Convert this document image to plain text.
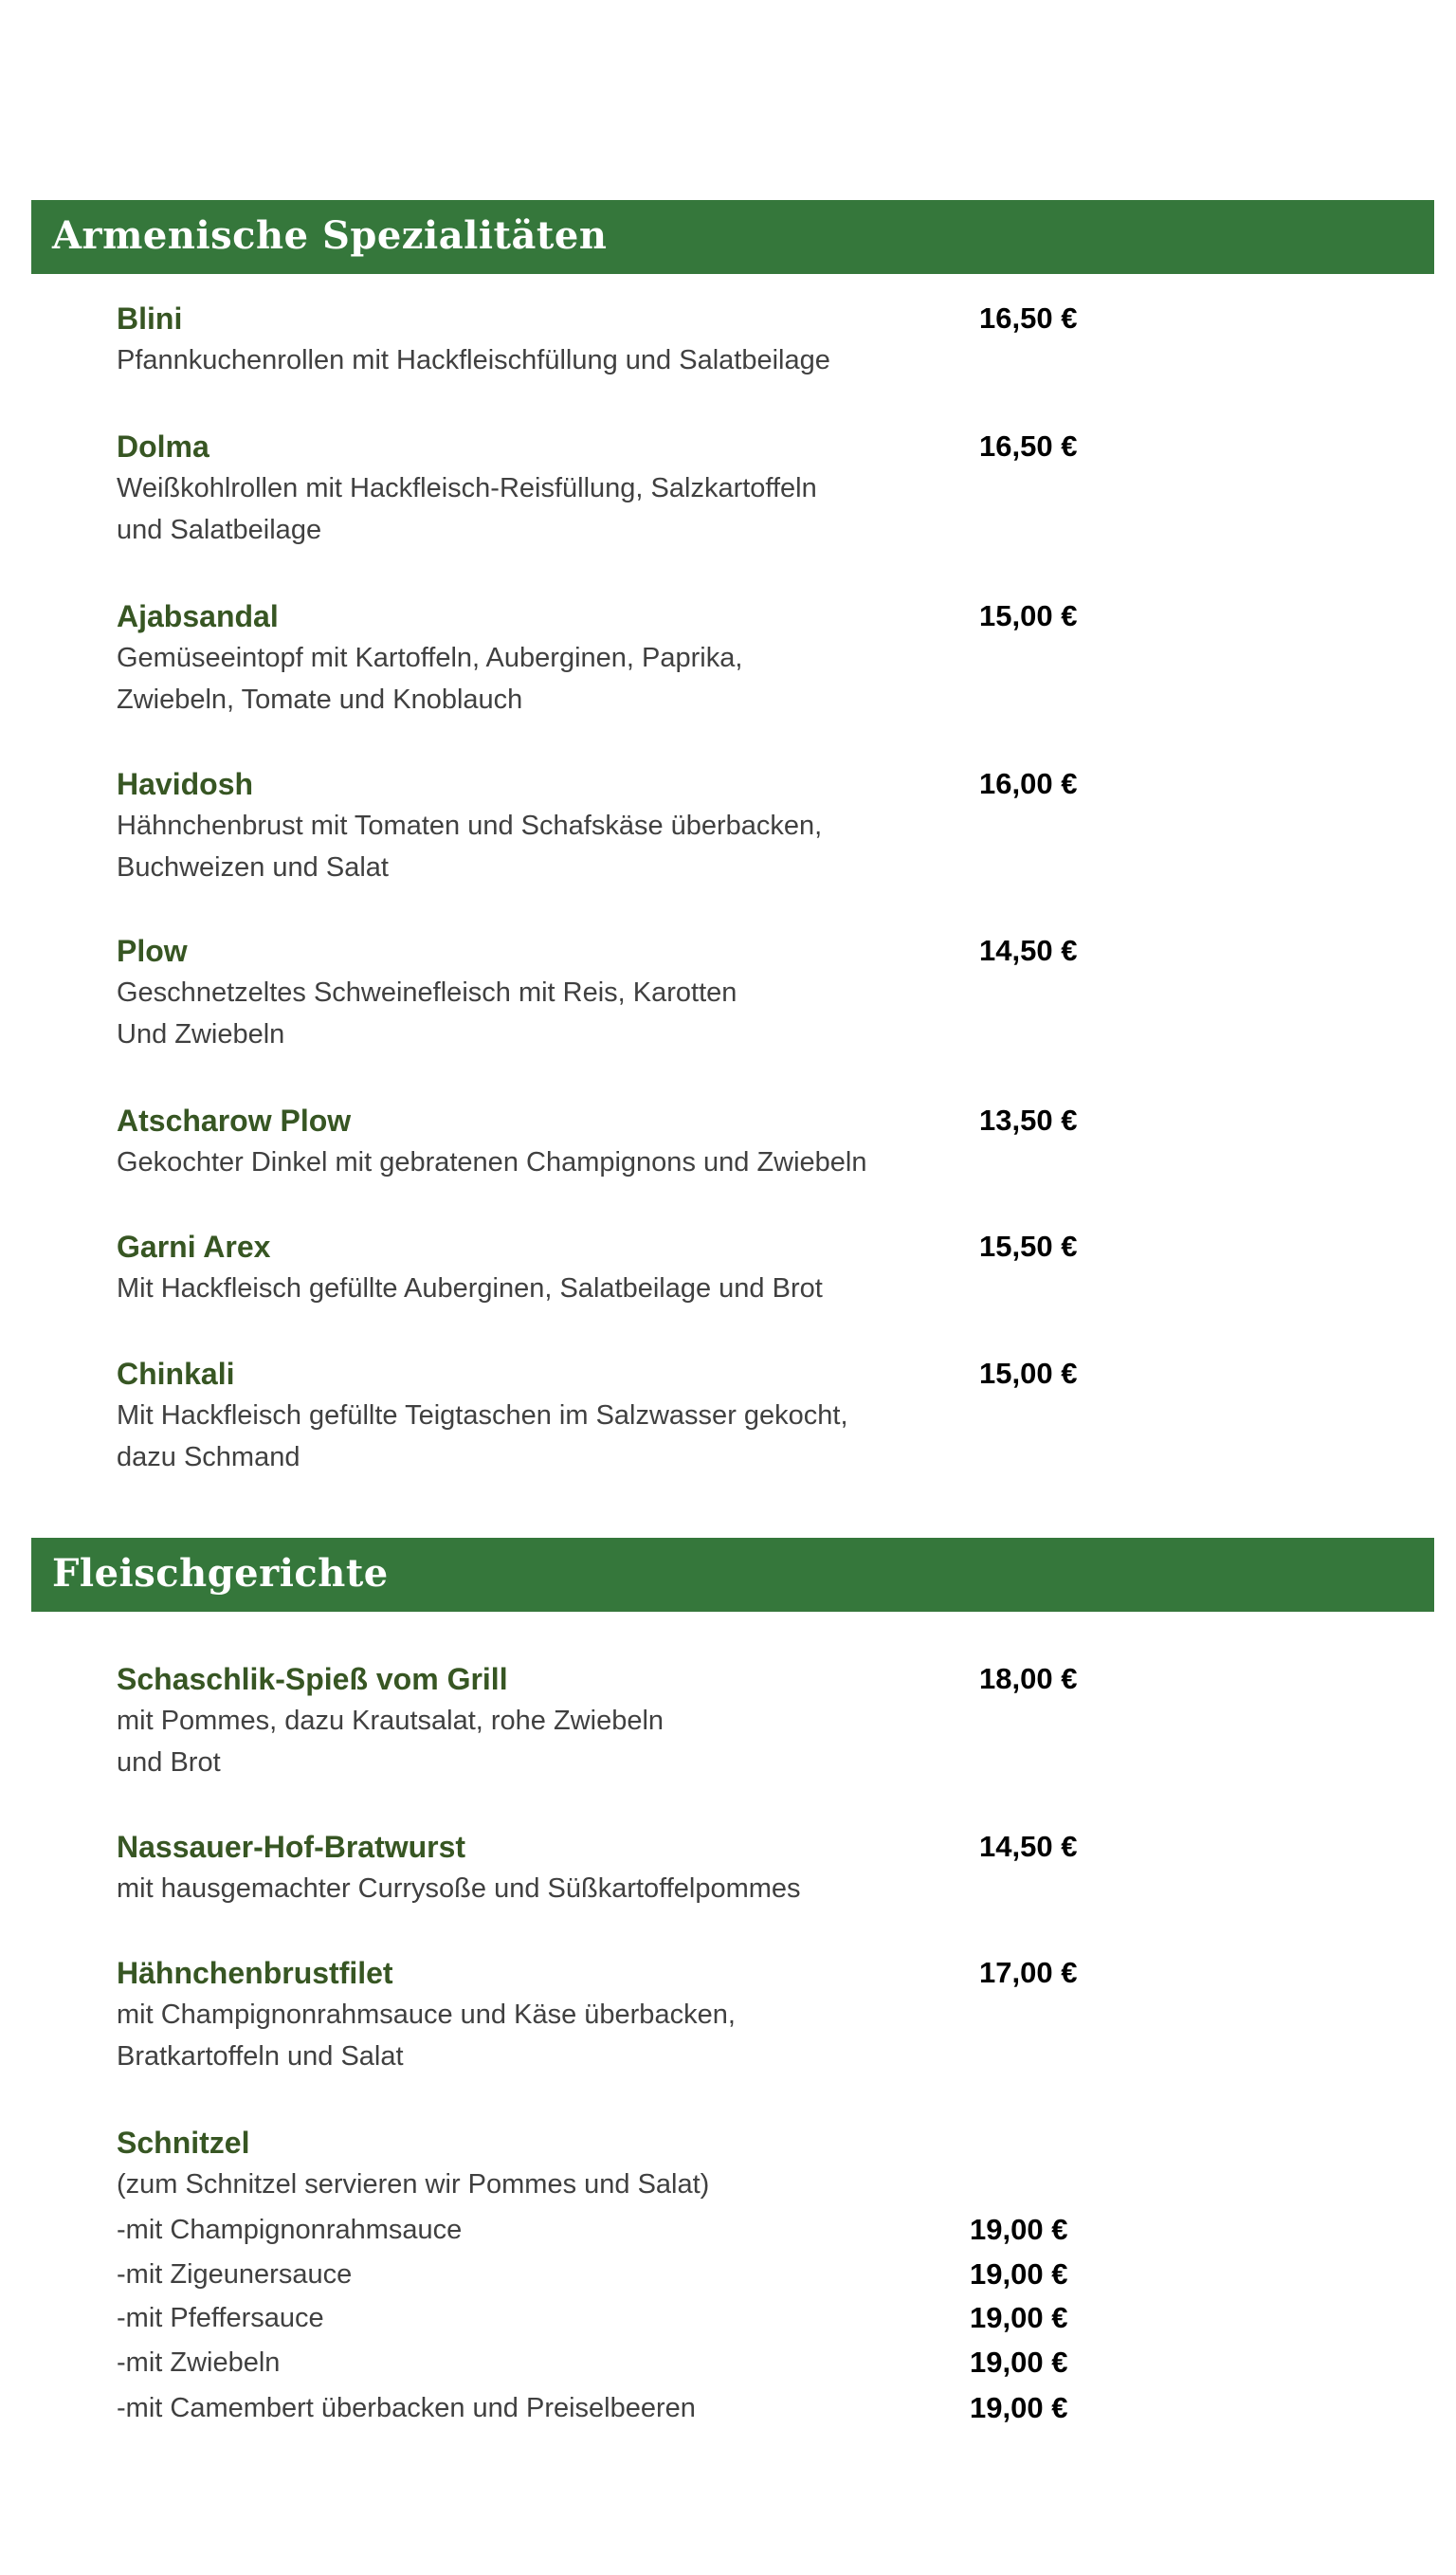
Armenische Spezialitäten
Blini	16,50 €
Pfannkuchenrollen mit Hackfleischfüllung und Salatbeilage
Dolma	16,50 €
Weißkohlrollen mit Hackfleisch-Reisfüllung, Salzkartoffeln
und Salatbeilage
Ajabsandal	15,00 €
Gemüseeintopf mit Kartoffeln, Auberginen, Paprika,
Zwiebeln, Tomate und Knoblauch
Havidosh	16,00 €
Hähnchenbrust mit Tomaten und Schafskäse überbacken,
Buchweizen und Salat
Plow	14,50 €
Geschnetzeltes Schweinefleisch mit Reis, Karotten
Und Zwiebeln
Atscharow Plow	13,50 €
Gekochter Dinkel mit gebratenen Champignons und Zwiebeln
Garni Arex	15,50 €
Mit Hackfleisch gefüllte Auberginen, Salatbeilage und Brot
Chinkali	15,00 €
Mit Hackfleisch gefüllte Teigtaschen im Salzwasser gekocht,
dazu Schmand
Fleischgerichte
Schaschlik-Spieß vom Grill	18,00 €
mit Pommes, dazu Krautsalat, rohe Zwiebeln
und Brot
Nassauer-Hof-Bratwurst	14,50 €
mit hausgemachter Currysoße und Süßkartoffelpommes
Hähnchenbrustfilet	17,00 €
mit Champignonrahmsauce und Käse überbacken,
Bratkartoffeln und Salat
Schnitzel
(zum Schnitzel servieren wir Pommes und Salat)
-mit Champignonrahmsauce	19,00 €
-mit Zigeunersauce	19,00 €
-mit Pfeffersauce	19,00 €
-mit Zwiebeln	19,00 €
-mit Camembert überbacken und Preiselbeeren	19,00 €
